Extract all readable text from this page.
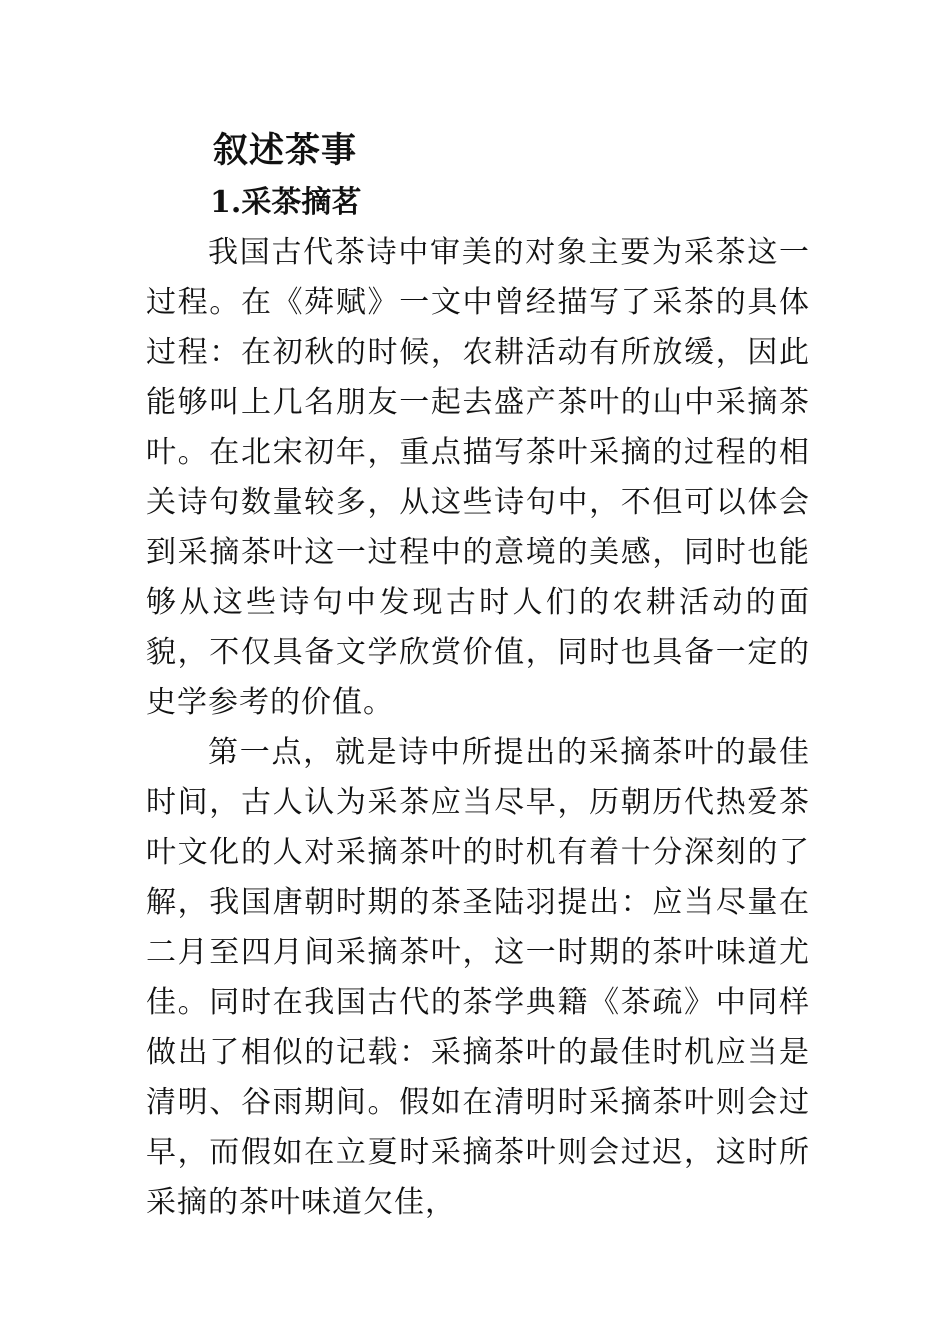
叙述茶事
1.采茶摘茗

我国古代茶诗中审美的对象主要为采茶这一过程。在《荈赋》一文中曾经描写了采茶的具体过程：在初秋的时候，农耕活动有所放缓，因此能够叫上几名朋友一起去盛产茶叶的山中采摘茶叶。在北宋初年，重点描写茶叶采摘的过程的相关诗句数量较多，从这些诗句中，不但可以体会到采摘茶叶这一过程中的意境的美感，同时也能够从这些诗句中发现古时人们的农耕活动的面貌，不仅具备文学欣赏价值，同时也具备一定的史学参考的价值。

第一点，就是诗中所提出的采摘茶叶的最佳时间，古人认为采茶应当尽早，历朝历代热爱茶叶文化的人对采摘茶叶的时机有着十分深刻的了解，我国唐朝时期的茶圣陆羽提出：应当尽量在二月至四月间采摘茶叶，这一时期的茶叶味道尤佳。同时在我国古代的茶学典籍《茶疏》中同样做出了相似的记载：采摘茶叶的最佳时机应当是清明、谷雨期间。假如在清明时采摘茶叶则会过早，而假如在立夏时采摘茶叶则会过迟，这时所采摘的茶叶味道欠佳，
